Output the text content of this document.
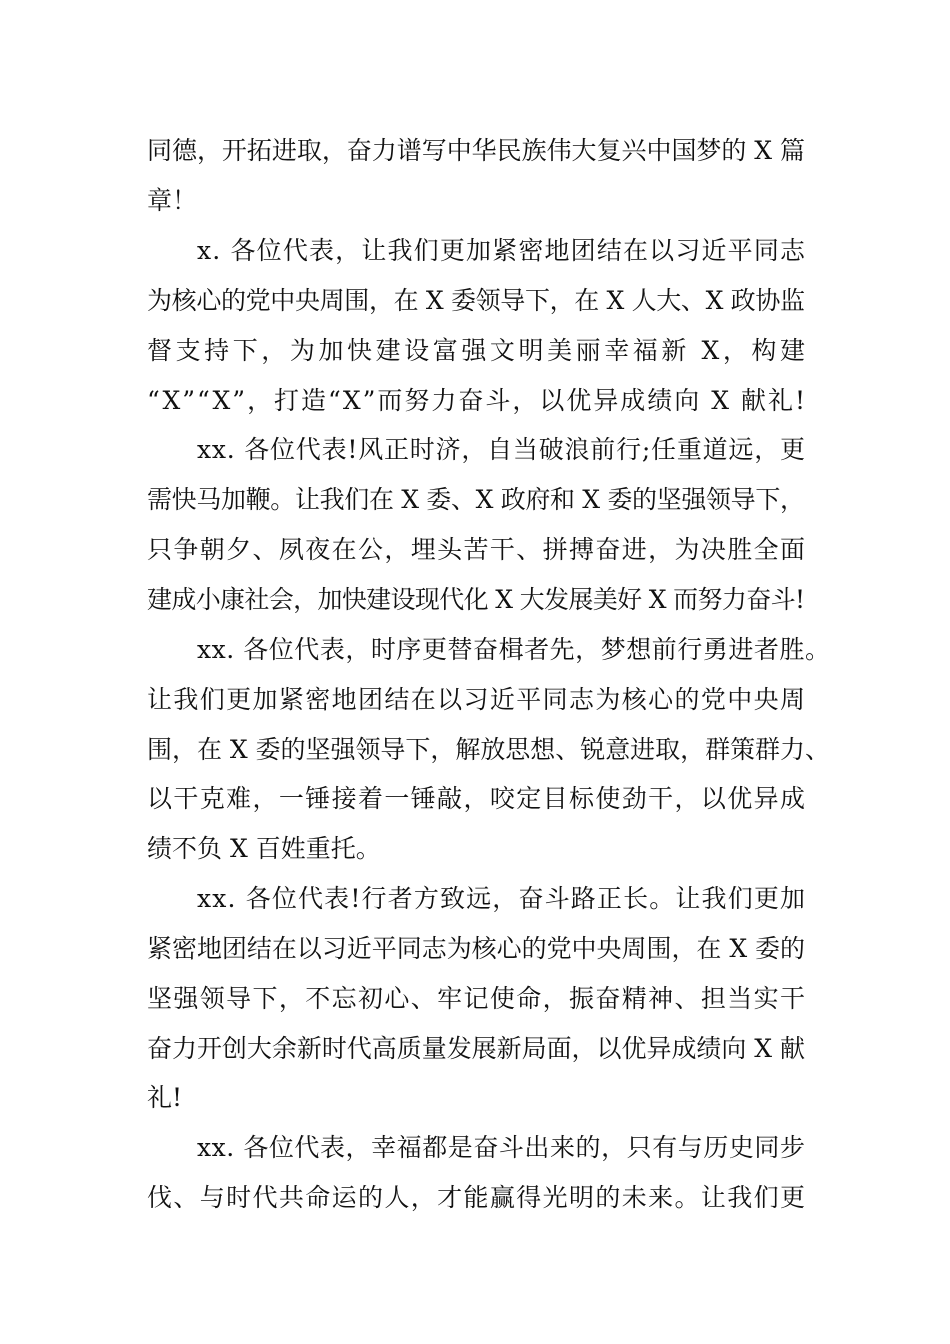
同德，开拓进取，奋力谱写中华民族伟大复兴中国梦的 X 篇
章！
x. 各位代表，让我们更加紧密地团结在以习近平同志
为核心的党中央周围，在 X 委领导下，在 X 人大、X 政协监
督支持下，为加快建设富强文明美丽幸福新 X，构建
“X”“X”，打造“X”而努力奋斗，以优异成绩向 X 献礼!
xx. 各位代表!风正时济，自当破浪前行;任重道远，更
需快马加鞭。让我们在 X 委、X 政府和 X 委的坚强领导下，
只争朝夕、夙夜在公，埋头苦干、拼搏奋进，为决胜全面
建成小康社会，加快建设现代化 X 大发展美好 X 而努力奋斗!
xx. 各位代表，时序更替奋楫者先，梦想前行勇进者胜。
让我们更加紧密地团结在以习近平同志为核心的党中央周
围，在 X 委的坚强领导下，解放思想、锐意进取，群策群力、
以干克难，一锤接着一锤敲，咬定目标使劲干，以优异成
绩不负 X 百姓重托。
xx. 各位代表!行者方致远，奋斗路正长。让我们更加
紧密地团结在以习近平同志为核心的党中央周围，在 X 委的
坚强领导下，不忘初心、牢记使命，振奋精神、担当实干
奋力开创大余新时代高质量发展新局面，以优异成绩向 X 献
礼!
xx. 各位代表，幸福都是奋斗出来的，只有与历史同步
伐、与时代共命运的人，才能赢得光明的未来。让我们更
